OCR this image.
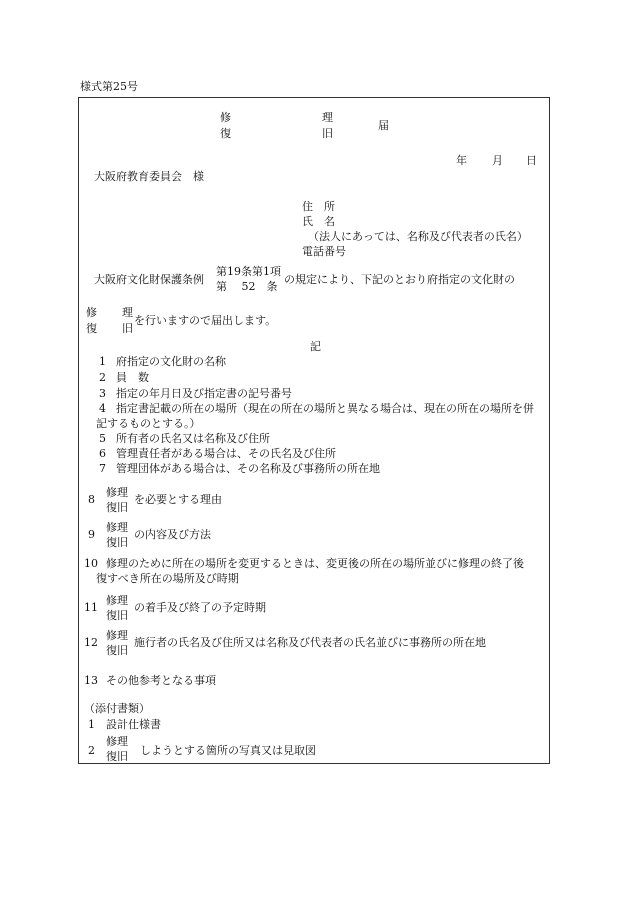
様式第25号
修
復
理
旧
届
年 月 日
大阪府教育委員会　様
住　所
氏　名
（法人にあっては、名称及び代表者の氏名）
電話番号
大阪府文化財保護条例
第19条第1項
第　 52　条
の規定により、下記のとおり府指定の文化財の
修
復
理
旧
を行いますので届出します。
記
1 府指定の文化財の名称
2 員　数
3 指定の年月日及び指定書の記号番号
4 指定書記載の所在の場所（現在の所在の場所と異なる場合は、現在の所在の場所を併
記するものとする。）
5 所有者の氏名又は名称及び住所
6 管理責任者がある場合は、その氏名及び住所
7 管理団体がある場合は、その名称及び事務所の所在地
8
修理
復旧
を必要とする理由
9
修理
復旧
の内容及び方法
10 修理のために所在の場所を変更するときは、変更後の所在の場所並びに修理の終了後
復すべき所在の場所及び時期
11
修理
復旧
の着手及び終了の予定時期
12
修理
復旧
施行者の氏名及び住所又は名称及び代表者の氏名並びに事務所の所在地
13 その他参考となる事項
（添付書類）
1 設計仕様書
2
修理
復旧 しようとする箇所の写真又は見取図
